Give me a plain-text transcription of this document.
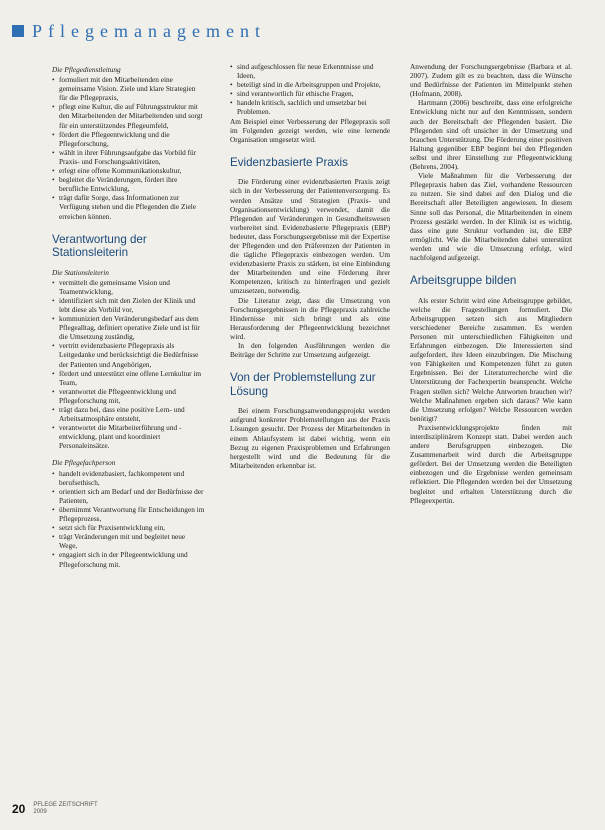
Pflegemanagement
Die Pflegedienstleitung
• formuliert mit den Mitarbeitenden eine gemeinsame Vision. Ziele und klare Strategien für die Pflegepraxis,
• pflegt eine Kultur, die auf Führungsstruktur mit den Mitarbeitenden der Mitarbeitenden und sorgt für ein unterstützendes Pflegeumfeld,
• fördert die Pflegeentwicklung und die Pflegeforschung,
• wählt in ihrer Führungsaufgabe das Vorbild für Praxis- und Forschungsaktivitäten,
• erlegt eine offene Kommunikationskultur,
• begleitet die Veränderungen, fördert ihre berufliche Entwicklung,
• trägt dafür Sorge, dass Informationen zur Verfügung stehen und die Pflegenden die Ziele erreichen können.
Verantwortung der Stationsleiterin
Die Stationsleiterin
• vermittelt die gemeinsame Vision und Teamentwicklung,
• identifiziert sich mit den Zielen der Klinik und lebt diese als Vorbild vor,
• kommuniziert den Veränderungsbedarf aus dem Pflegealltag, definiert operative Ziele und ist für die Umsetzung zuständig,
• vertritt evidenzbasierte Pflegepraxis als Leitgedanke und berücksichtigt die Bedürfnisse der Patienten und Angehörigen,
• fördert und unterstützt eine offene Lernkultur im Team,
• verantwortet die Pflegeentwicklung und Pflegeforschung mit,
• trägt dazu bei, dass eine positive Lern- und Arbeitsatmosphäre entsteht,
• verantwortet die Mitarbeiterführung und -entwicklung, plant und koordiniert Personaleinsätze.
Die Pflegefachperson
• handelt evidenzbasiert, fachkompetent und berufsethisch,
• orientiert sich am Bedarf und der Bedürfnisse der Patienten,
• übernimmt Verantwortung für Entscheidungen im Pflegeprozess,
• setzt sich für Praxisentwicklung ein,
• trägt Veränderungen mit und begleitet neue Wege,
• engagiert sich in der Pflegeentwicklung und Pflegeforschung mit.
• sind aufgeschlossen für neue Erkenntnisse und Ideen,
• beteiligt sind in die Arbeitsgruppen und Projekte,
• sind verantwortlich für ethische Fragen,
• handeln kritisch, sachlich und umsetzbar bei Problemen.

Am Beispiel einer Verbesserung der Pflegepraxis soll im Folgenden gezeigt werden, wie eine lernende Organisation umgesetzt wird.

Evidenzbasierte Praxis

Die Förderung einer evidenzbasierten Praxis zeigt sich in der Verbesserung der Patientenversorgung. Es werden Ansätze und Strategien (Praxis- und Organisationsentwicklung) verwendet, damit die Pflegenden auf Veränderungen in Gesundheitswesen vorbereitet sind. Evidenzbasierte Pflegepraxis (EBP) bedeutet, dass Forschungsergebnisse mit der Expertise der Pflegenden und den Präferenzen der Patienten in die tägliche Pflegepraxis einbezogen werden. Um evidenzbasierte Praxis zu stärken, ist eine Einbindung der Mitarbeitenden und eine Förderung ihrer Kompetenzen, kritisch zu hinterfragen und gezielt umzusetzen, notwendig.

Die Literatur zeigt, dass die Umsetzung von Forschungsergebnissen in die Pflegepraxis zahlreiche Hindernisse mit sich bringt und als eine Herausforderung der Pflegeentwicklung bezeichnet wird.

In den folgenden Ausführungen werden die Beiträge der Schritte zur Umsetzung aufgezeigt.

Von der Problemstellung zur Lösung

Bei einem Forschungsanwendungsprojekt werden aufgrund konkreter Problemstellungen aus der Praxis Lösungen gesucht. Der Prozess der Mitarbeitenden in einem Ablaufsystem ist dabei wichtig, wenn ein Bezug zu eigenen Praxisproblemen und Erfahrungen hergestellt wird und die Bedeutung für die Mitarbeitenden erkennbar ist.

Anwendung der Forschungsergebnisse (Barbara et al. 2007). Zudem gilt es zu beachten, dass die Wünsche und Bedürfnisse der Patienten im Mittelpunkt stehen (Hofmann, 2008).

Hartmann (2006) beschreibt, dass eine erfolgreiche Entwicklung nicht nur auf den Kenntnissen, sondern auch der Bereitschaft der Pflegenden basiert. Die Pflegenden sind oft unsicher in der Umsetzung und brauchen Unterstützung. Die Förderung einer positiven Haltung gegenüber EBP beginnt bei den Pflegenden selbst und ihrer Einstellung zur Pflegeentwicklung (Behrens, 2004).

Viele Maßnahmen für die Verbesserung der Pflegepraxis haben das Ziel, vorhandene Ressourcen zu nutzen. Sie sind dabei auf den Dialog und die Bereitschaft aller Beteiligten angewiesen. In diesem Sinne soll das Personal, die Mitarbeitenden in einem Prozess gestärkt werden. In der Klinik ist es wichtig, dass eine gute Struktur vorhanden ist, die EBP ermöglicht. Wie die Mitarbeitenden dabei unterstützt werden und wie die Umsetzung erfolgt, wird nachfolgend aufgezeigt.

Arbeitsgruppe bilden

Als erster Schritt wird eine Arbeitsgruppe gebildet, welche die Fragestellungen formuliert. Die Arbeitsgruppen setzen sich aus Mitgliedern verschiedener Bereiche zusammen. Es werden Personen mit unterschiedlichen Fähigkeiten und Erfahrungen einbezogen. Die Interessierten sind aufgefordert, ihre Ideen einzubringen. Die Mischung von Fähigkeiten und Kompetenzen führt zu guten Ergebnissen. Bei der Literaturrecherche wird die Unterstützung der Fachexpertin beansprucht. Welche Fragen stellen sich? Welche Antworten brauchen wir? Welche Maßnahmen ergeben sich daraus? Wie kann die Umsetzung erfolgen? Welche Ressourcen werden benötigt?

Praxisentwicklungsprojekte finden mit interdisziplinärem Konzept statt. Dabei werden auch andere Berufsgruppen einbezogen. Die Zusammenarbeit wird durch die Arbeitsgruppe gefördert. Bei der Umsetzung werden die Beteiligten einbezogen und die Ergebnisse werden gemeinsam reflektiert. Die Pflegenden werden bei der Umsetzung begleitet und erhalten Unterstützung durch die Pflegeexpertin.

20 PFLEGE ZEITSCHRIFT 2009
